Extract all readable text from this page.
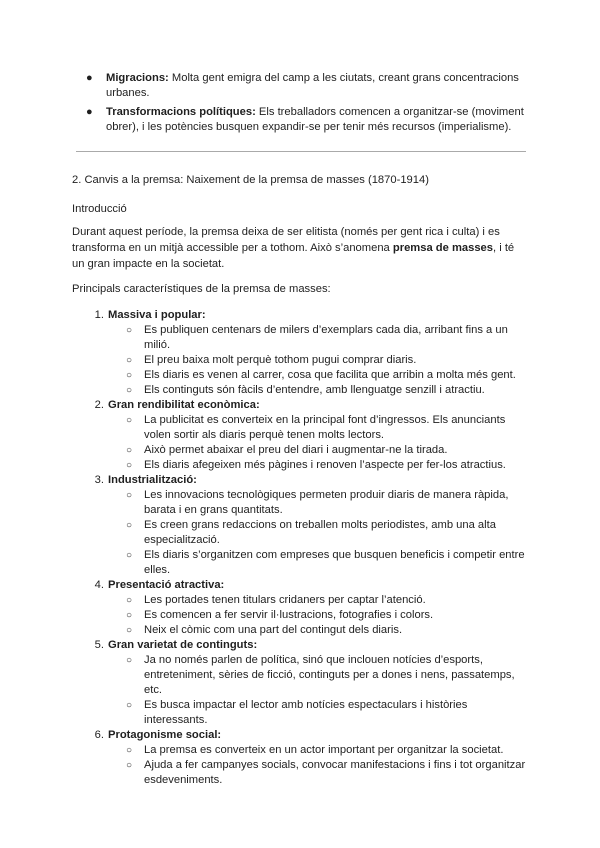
● Migracions: Molta gent emigra del camp a les ciutats, creant grans concentracions urbanes.
● Transformacions polítiques: Els treballadors comencen a organitzar-se (moviment obrer), i les potències busquen expandir-se per tenir més recursos (imperialisme).
2. Canvis a la premsa: Naixement de la premsa de masses (1870-1914)
Introducció
Durant aquest període, la premsa deixa de ser elitista (només per gent rica i culta) i es transforma en un mitjà accessible per a tothom. Això s’anomena premsa de masses, i té un gran impacte en la societat.
Principals característiques de la premsa de masses:
1. Massiva i popular:
○ Es publiquen centenars de milers d’exemplars cada dia, arribant fins a un milió.
○ El preu baixa molt perquè tothom pugui comprar diaris.
○ Els diaris es venen al carrer, cosa que facilita que arribin a molta més gent.
○ Els continguts són fàcils d’entendre, amb llenguatge senzill i atractiu.
2. Gran rendibilitat econòmica:
○ La publicitat es converteix en la principal font d’ingressos. Els anunciants volen sortir als diaris perquè tenen molts lectors.
○ Això permet abaixar el preu del diari i augmentar-ne la tirada.
○ Els diaris afegeixen més pàgines i renoven l’aspecte per fer-los atractius.
3. Industrialització:
○ Les innovacions tecnològiques permeten produir diaris de manera ràpida, barata i en grans quantitats.
○ Es creen grans redaccions on treballen molts periodistes, amb una alta especialització.
○ Els diaris s’organitzen com empreses que busquen beneficis i competir entre elles.
4. Presentació atractiva:
○ Les portades tenen titulars cridaners per captar l’atenció.
○ Es comencen a fer servir il·lustracions, fotografies i colors.
○ Neix el còmic com una part del contingut dels diaris.
5. Gran varietat de continguts:
○ Ja no només parlen de política, sinó que inclouen notícies d’esports, entreteniment, sèries de ficció, continguts per a dones i nens, passatemps, etc.
○ Es busca impactar el lector amb notícies espectaculars i històries interessants.
6. Protagonisme social:
○ La premsa es converteix en un actor important per organitzar la societat.
○ Ajuda a fer campanyes socials, convocar manifestacions i fins i tot organitzar esdeveniments.
